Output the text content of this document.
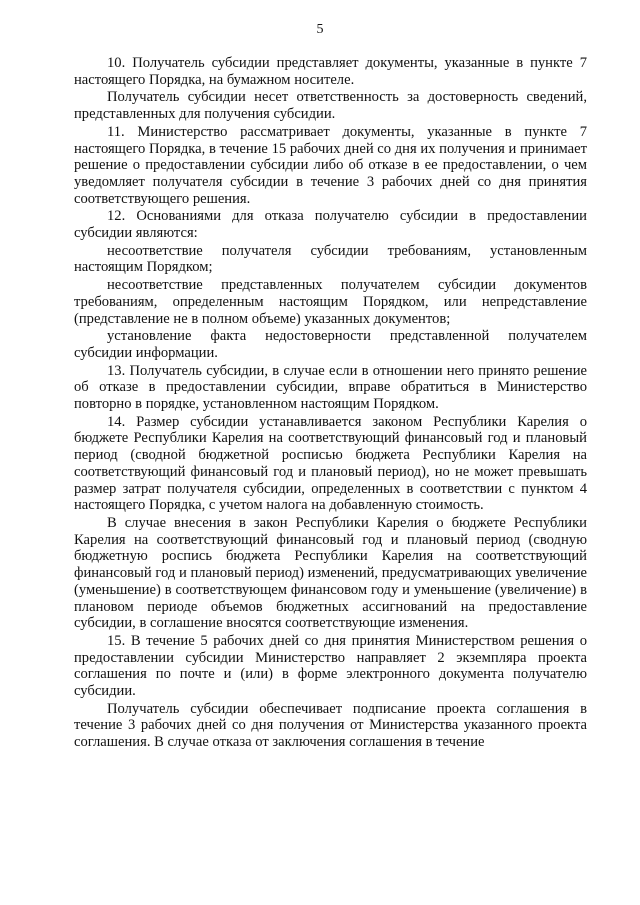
5

10. Получатель субсидии представляет документы, указанные в пункте 7 настоящего Порядка, на бумажном носителе.

Получатель субсидии несет ответственность за достоверность сведений, представленных для получения субсидии.

11. Министерство рассматривает документы, указанные в пункте 7 настоящего Порядка, в течение 15 рабочих дней со дня их получения и принимает решение о предоставлении субсидии либо об отказе в ее предоставлении, о чем уведомляет получателя субсидии в течение 3 рабочих дней со дня принятия соответствующего решения.

12. Основаниями для отказа получателю субсидии в предоставлении субсидии являются:

несоответствие получателя субсидии требованиям, установленным настоящим Порядком;

несоответствие представленных получателем субсидии документов требованиям, определенным настоящим Порядком, или непредставление (представление не в полном объеме) указанных документов;

установление факта недостоверности представленной получателем субсидии информации.

13. Получатель субсидии, в случае если в отношении него принято решение об отказе в предоставлении субсидии, вправе обратиться в Министерство повторно в порядке, установленном настоящим Порядком.

14. Размер субсидии устанавливается законом Республики Карелия о бюджете Республики Карелия на соответствующий финансовый год и плановый период (сводной бюджетной росписью бюджета Республики Карелия на соответствующий финансовый год и плановый период), но не может превышать размер затрат получателя субсидии, определенных в соответствии с пунктом 4 настоящего Порядка, с учетом налога на добавленную стоимость.

В случае внесения в закон Республики Карелия о бюджете Республики Карелия на соответствующий финансовый год и плановый период (сводную бюджетную роспись бюджета Республики Карелия на соответствующий финансовый год и плановый период) изменений, предусматривающих увеличение (уменьшение) в соответствующем финансовом году и уменьшение (увеличение) в плановом периоде объемов бюджетных ассигнований на предоставление субсидии, в соглашение вносятся соответствующие изменения.

15. В течение 5 рабочих дней со дня принятия Министерством решения о предоставлении субсидии Министерство направляет 2 экземпляра проекта соглашения по почте и (или) в форме электронного документа получателю субсидии.

Получатель субсидии обеспечивает подписание проекта соглашения в течение 3 рабочих дней со дня получения от Министерства указанного проекта соглашения. В случае отказа от заключения соглашения в течение
